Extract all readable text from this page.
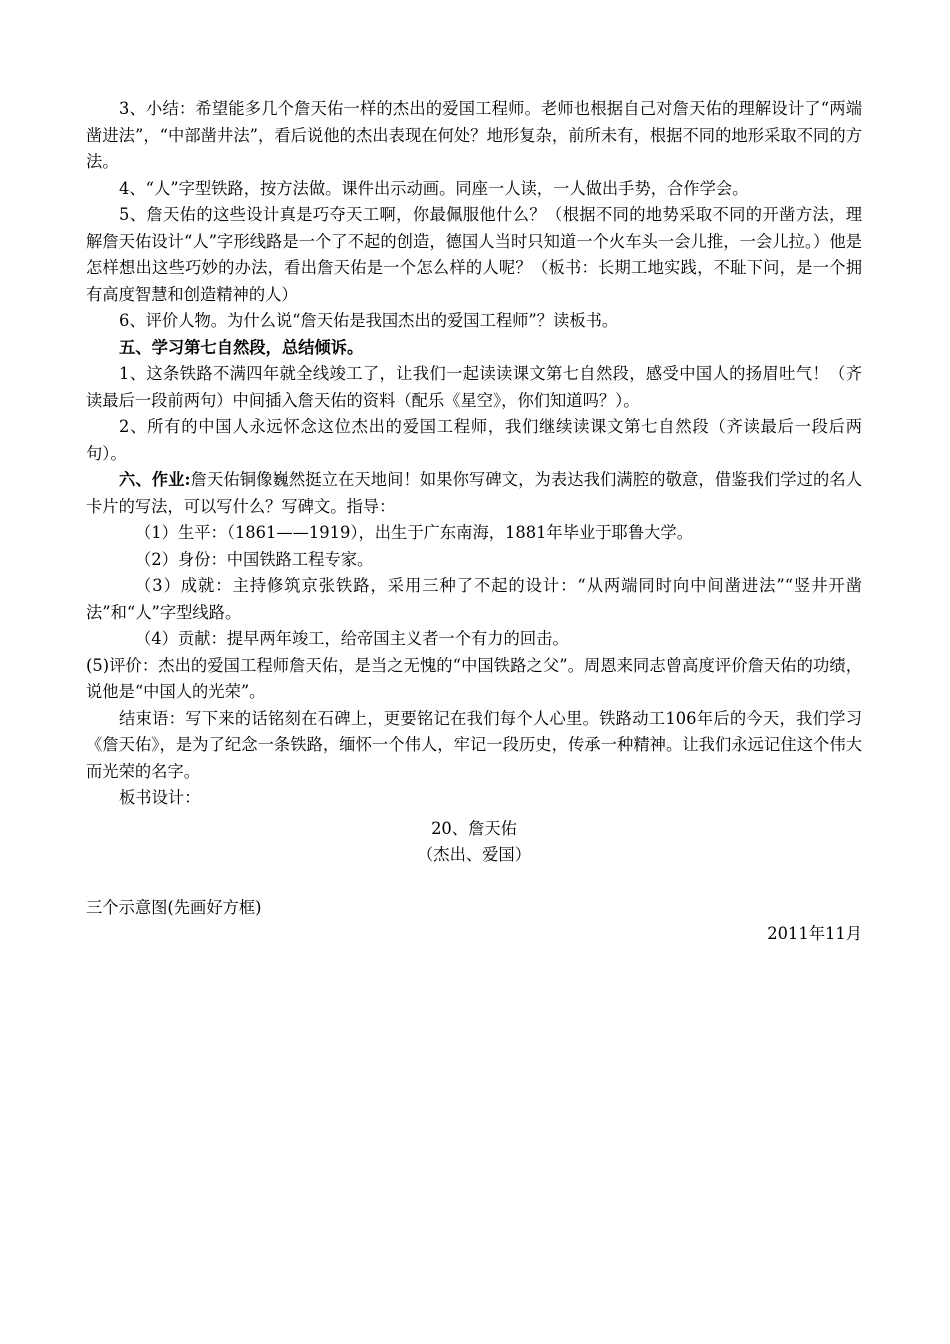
3、小结：希望能多几个詹天佑一样的杰出的爱国工程师。老师也根据自己对詹天佑的理解设计了“两端凿进法”，“中部凿井法”，看后说他的杰出表现在何处？地形复杂，前所未有，根据不同的地形采取不同的方法。

4、“人”字型铁路，按方法做。课件出示动画。同座一人读，一人做出手势，合作学会。

5、詹天佑的这些设计真是巧夺天工啊，你最佩服他什么？（根据不同的地势采取不同的开凿方法，理解詹天佑设计“人”字形线路是一个了不起的创造，德国人当时只知道一个火车头一会儿推，一会儿拉。）他是怎样想出这些巧妙的办法，看出詹天佑是一个怎么样的人呢？（板书：长期工地实践，不耻下问，是一个拥有高度智慧和创造精神的人）

6、评价人物。为什么说“詹天佑是我国杰出的爱国工程师”？读板书。

五、学习第七自然段，总结倾诉。

1、这条铁路不满四年就全线竣工了，让我们一起读读课文第七自然段，感受中国人的扬眉吐气！（齐读最后一段前两句）中间插入詹天佑的资料（配乐《星空》，你们知道吗？）。

2、所有的中国人永远怀念这位杰出的爱国工程师，我们继续读课文第七自然段（齐读最后一段后两句）。

六、作业:詹天佑铜像巍然挺立在天地间！如果你写碑文，为表达我们满腔的敬意，借鉴我们学过的名人卡片的写法，可以写什么？写碑文。指导：

（1）生平：（1861——1919），出生于广东南海，1881年毕业于耶鲁大学。

（2）身份：中国铁路工程专家。

（3）成就：主持修筑京张铁路，采用三种了不起的设计：“从两端同时向中间凿进法”“竖井开凿法”和“人”字型线路。

（4）贡献：提早两年竣工，给帝国主义者一个有力的回击。

(5)评价：杰出的爱国工程师詹天佑，是当之无愧的“中国铁路之父”。周恩来同志曾高度评价詹天佑的功绩，说他是“中国人的光荣”。

结束语：写下来的话铭刻在石碑上，更要铭记在我们每个人心里。铁路动工106年后的今天，我们学习《詹天佑》，是为了纪念一条铁路，缅怀一个伟人，牢记一段历史，传承一种精神。让我们永远记住这个伟大而光荣的名字。

板书设计：

20、詹天佑

（杰出、爱国）

三个示意图(先画好方框)

2011年11月
